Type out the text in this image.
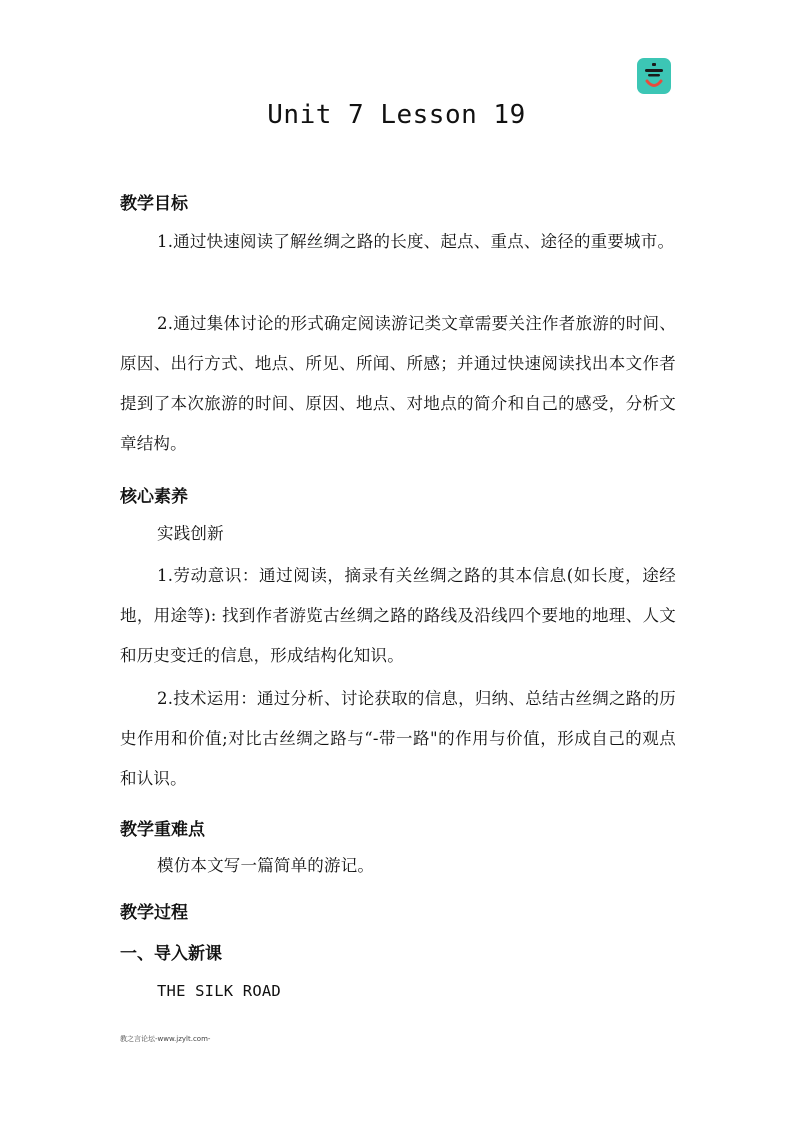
Unit 7 Lesson 19
教学目标

1.通过快速阅读了解丝绸之路的长度、起点、重点、途径的重要城市。

2.通过集体讨论的形式确定阅读游记类文章需要关注作者旅游的时间、原因、出行方式、地点、所见、所闻、所感；并通过快速阅读找出本文作者提到了本次旅游的时间、原因、地点、对地点的简介和自己的感受，分析文章结构。

核心素养

实践创新

1.劳动意识：通过阅读，摘录有关丝绸之路的其本信息(如长度，途经地，用途等): 找到作者游览古丝绸之路的路线及沿线四个要地的地理、人文和历史变迁的信息，形成结构化知识。

2.技术运用：通过分析、讨论获取的信息，归纳、总结古丝绸之路的历史作用和价值;对比古丝绸之路与“-带一路"的作用与价值，形成自己的观点和认识。

教学重难点

模仿本文写一篇简单的游记。

教学过程
一、导入新课

THE SILK ROAD

教之言论坛-www.jzylt.com-
